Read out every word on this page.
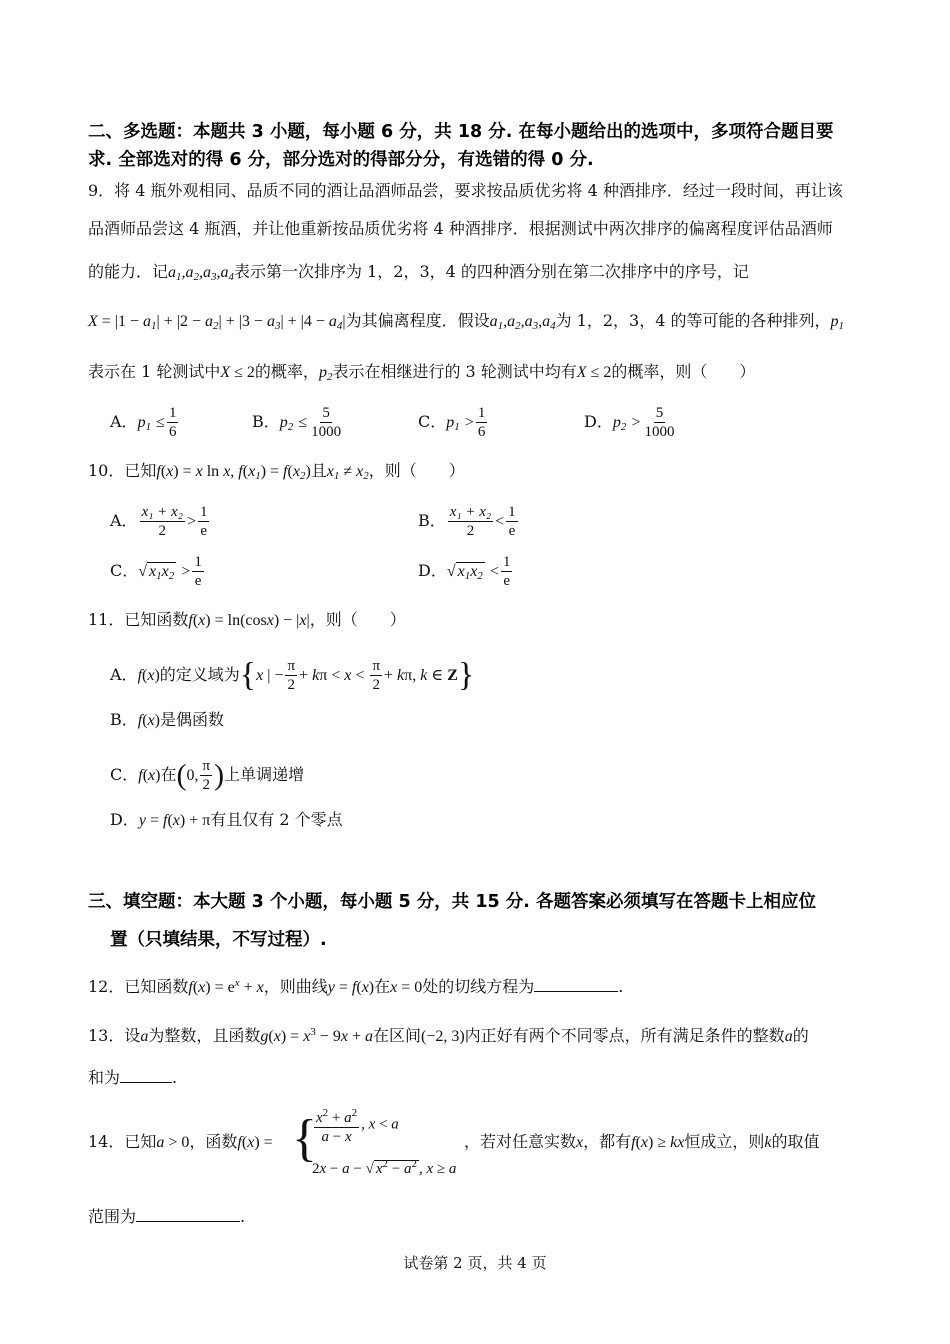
二、多选题：本题共 3 小题，每小题 6 分，共 18 分. 在每小题给出的选项中，多项符合题目要
求. 全部选对的得 6 分，部分选对的得部分分，有选错的得 0 分.
9．将 4 瓶外观相同、品质不同的酒让品酒师品尝，要求按品质优劣将 4 种酒排序．经过一段时间，再让该
品酒师品尝这 4 瓶酒，并让他重新按品质优劣将 4 种酒排序．根据测试中两次排序的偏离程度评估品酒师
的能力．记$a_1,a_2,a_3,a_4$表示第一次排序为 1，2，3，4 的四种酒分别在第二次排序中的序号，记
$X = |1 - a_1| + |2 - a_2| + |3 - a_3| + |4 - a_4|$为其偏离程度．假设$a_1,a_2,a_3,a_4$为 1，2，3，4 的等可能的各种排列，$p_1$
表示在 1 轮测试中X ≤ 2的概率，$p_2$表示在相继进行的 3 轮测试中均有X ≤ 2的概率，则（　　）
A．$p_1 \le \frac{1}{6}$	B．$p_2 \le \frac{5}{1000}$	C．$p_1 > \frac{1}{6}$	D．$p_2 > \frac{5}{1000}$
10．已知f(x) = x ln x, $f(x_1) = f(x_2)$且$x_1 \ne x_2$，则（　　）
A． $\frac{\text{x₁ + x₂}}{2} > \frac{1}{e}$	B． $\frac{\text{x₁ + x₂}}{2} < \frac{1}{e}$
C．√ $x_1x_2 > \frac{1}{e}$	D．√ $x_1x_2 < \frac{1}{e}$
11．已知函数f(x) = ln(cosx) − |x|，则（　　）
A．f(x)的定义域为{x | − $\frac{\pi}{2} + k\pi < x < \frac{\pi}{2} + k\pi$, k ∈ Z}
B．f(x)是偶函数
C．f(x)在(0, $\frac{\pi}{2}$ )上单调递增
D．y = f(x) + π有且仅有 2 个零点
三、填空题：本大题 3 个小题，每小题 5 分，共 15 分. 各题答案必须填写在答题卡上相应位
置（只填结果，不写过程）.
12．已知函数$f(x) = e^x + x$，则曲线y = f(x)在x = 0处的切线方程为	.
13．设a为整数，且函数$g(x) = x^3 - 9x + a$在区间(−2, 3)内正好有两个不同零点，所有满足条件的整数a的
和为	.
14．已知a > 0，函数f(x) = {
$\frac{x^2 + a^2}{a - x}$ , x < a
2x − a − √ $x^2 - a^2$ , x ≥ a
，若对任意实数x，都有f(x) ≥ kx恒成立，则k的取值
范围为	.
试卷第 2 页，共 4 页
